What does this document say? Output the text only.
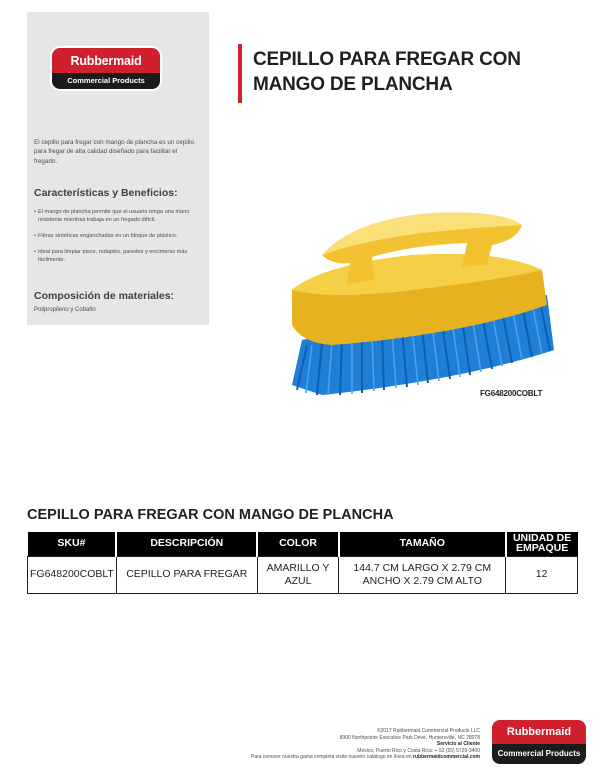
Rubbermaid
Commercial Products

El cepillo para fregar con mango de plancha es un cepillo para fregar de alta calidad diseñado para facilitar el fregado.

Características y Beneficios:
• El mango de plancha permite que el usuario tenga una mano resistente mientras trabaja en un fregado difícil.
• Fibras sintéticas enganchadas en un bloque de plástico.
• Ideal para limpiar pisos, rodapiés, paredes y encimeras más fácilmente.
Composición de materiales:

Polipropileno y Cobalto

CEPILLO PARA FREGAR CON MANGO DE PLANCHA
FG648200COBLT
CEPILLO PARA FREGAR CON MANGO DE PLANCHA
SKU#	DESCRIPCIÓN	COLOR	TAMAÑO	UNIDAD DE EMPAQUE
FG648200COBLT	CEPILLO PARA FREGAR	AMARILLO Y AZUL	144.7 CM LARGO X 2.79 CM ANCHO X 2.79 CM ALTO	12
©2017 Rubbermaid Commercial Products LLC
8900 Northpointe Executive Park Drive, Huntersville, NC 28078
Servicio al Cliente
México, Puerto Rico y Costa Rica: + 52 (55) 5729-3400
Para conocer nuestra gama completa visite nuestro catálogo en línea en rubbermaidcommercial.com
Rubbermaid
Commercial Products
